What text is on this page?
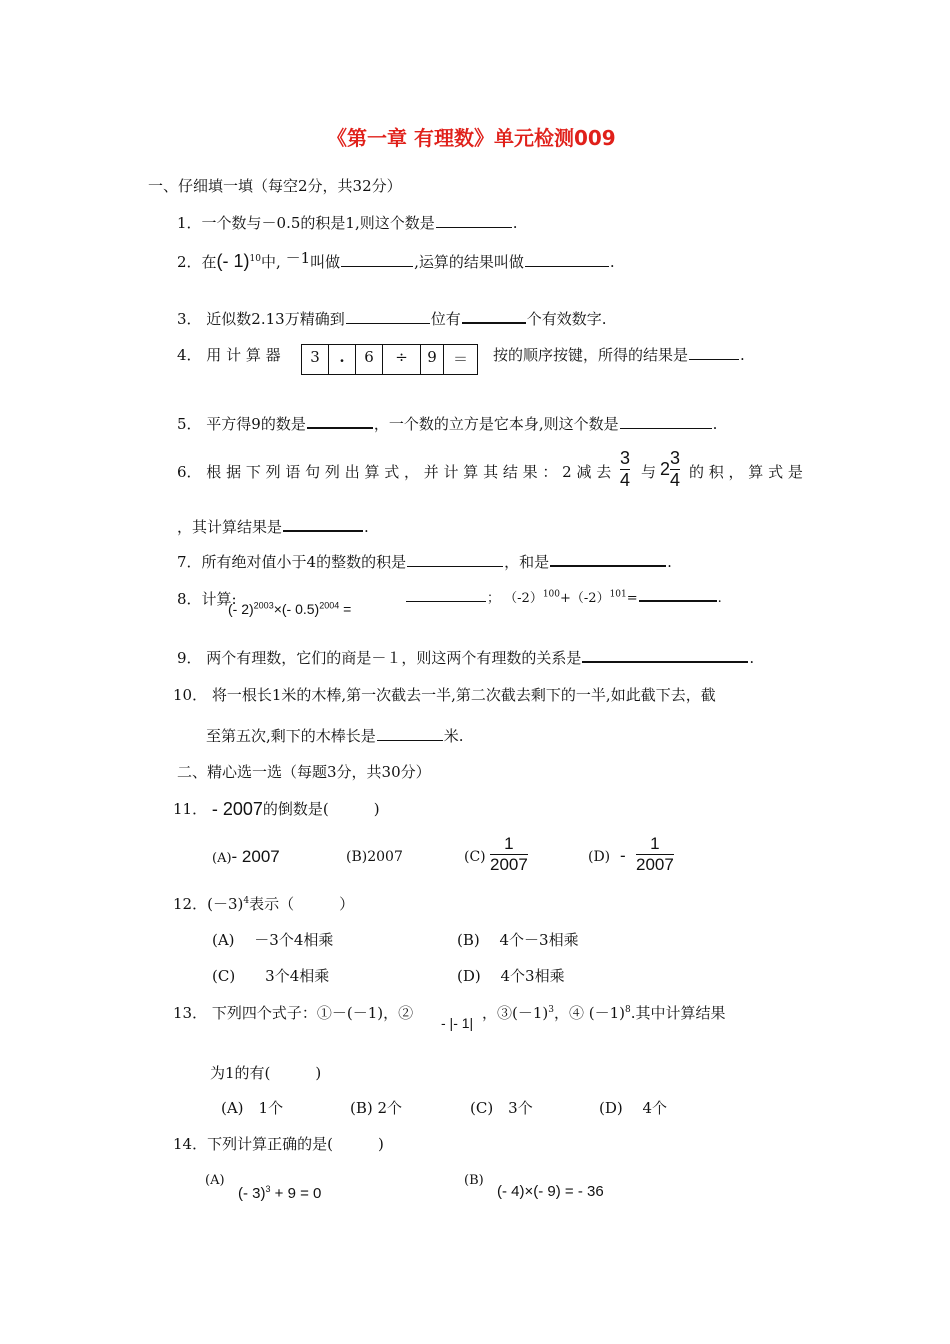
《第一章 有理数》单元检测009
一、仔细填一填（每空2分，共32分）
1．一个数与－0.5的积是1,则这个数是	.
2．在(- 1)$^{10}$中, －1叫做	,运算的结果叫做	.
3． 近似数2.13万精确到	位有	个有效数字.
4． 用 计 算 器	3	.	6	÷	9	＝	按的顺序按键，所得的结果是	.
5． 平方得9的数是	，一个数的立方是它本身,则这个数是	.
6． 根 据 下 列 语 句 列 出 算 式 ， 并 计 算 其 结 果 ： 2 减 去 $\frac{3}{4}$ 与 $2 \frac{3}{4}$ 的 积 ， 算 式 是
，其计算结果是	.
7．所有绝对值小于4的整数的积是	，和是	.
8．计算:
(- 2)$^{2003}$×(- 0.5)$^{2004}$ =
； $(-2)^{100}+(-2)^{101}=$	.
9． 两个有理数，它们的商是－１，则这两个有理数的关系是	.
10． 将一根长1米的木棒,第一次截去一半,第二次截去剩下的一半,如此截下去，截
至第五次,剩下的木棒长是	米.
二、精心选一选（每题3分，共30分）
11． - 2007的倒数是(　　　)
(A)- 2007	(B)2007	$(C) \frac{1}{2007}$	$(D) - \frac{1}{2007}$
12．$(-3)^4$表示（　　　）
(A)　 －3个4相乘	(B)　 4个－3相乘
(C)　　3个4相乘	(D)　 4个3相乘
13． 下列四个式子：①－(－1)，②
- |- 1|
，$③(-1)^3$，④ $(-1)^8$.其中计算结果
为1的有(　　　)
(A)　1个	(B) 2个	(C)　3个	(D)　 4个
14．下列计算正确的是(　　　)
(A)
(- 3)$^3$ + 9 = 0
(B)
(- 4)×(- 9) = - 36
